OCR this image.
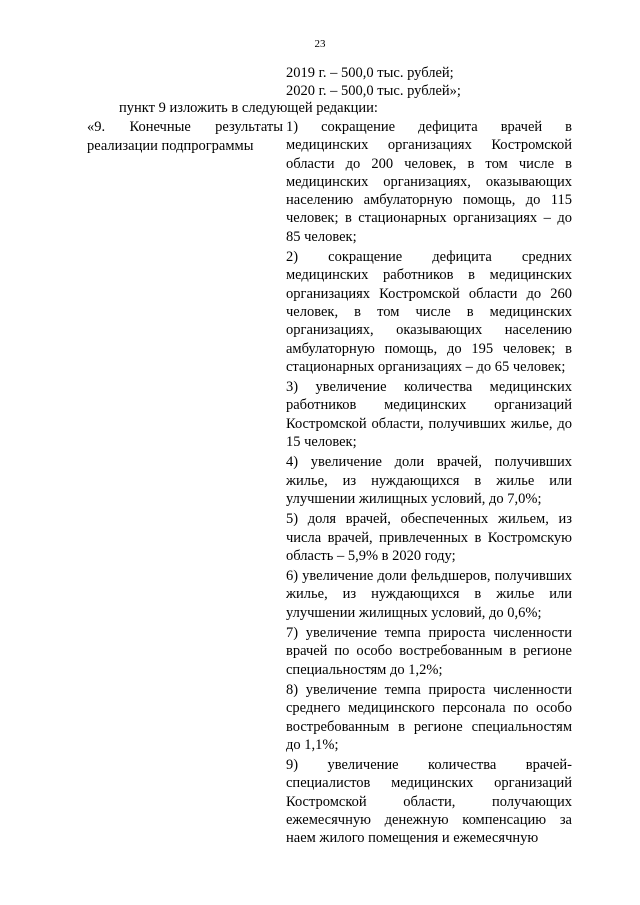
23
2019 г. – 500,0 тыс. рублей;
2020 г. – 500,0 тыс. рублей»;
пункт 9 изложить в следующей редакции:
«9. Конечные результаты
реализации подпрограммы

1) сокращение дефицита врачей в медицинских организациях Костромской области до 200 человек, в том числе в медицинских организациях, оказывающих населению амбулаторную помощь, до 115 человек; в стационарных организациях – до 85 человек;

2) сокращение дефицита средних медицинских работников в медицинских организациях Костромской области до 260 человек, в том числе в медицинских организациях, оказывающих населению амбулаторную помощь, до 195 человек; в стационарных организациях – до 65 человек;

3) увеличение количества медицинских работников медицинских организаций Костромской области, получивших жилье, до 15 человек;

4) увеличение доли врачей, получивших жилье, из нуждающихся в жилье или улучшении жилищных условий, до 7,0%;

5) доля врачей, обеспеченных жильем, из числа врачей, привлеченных в Костромскую область – 5,9% в 2020 году;

6) увеличение доли фельдшеров, получивших жилье, из нуждающихся в жилье или улучшении жилищных условий, до 0,6%;

7) увеличение темпа прироста численности врачей по особо востребованным в регионе специальностям до 1,2%;

8) увеличение темпа прироста численности среднего медицинского персонала по особо востребованным в регионе специальностям до 1,1%;

9) увеличение количества врачей-специалистов медицинских организаций Костромской области, получающих ежемесячную денежную компенсацию за наем жилого помещения и ежемесячную
